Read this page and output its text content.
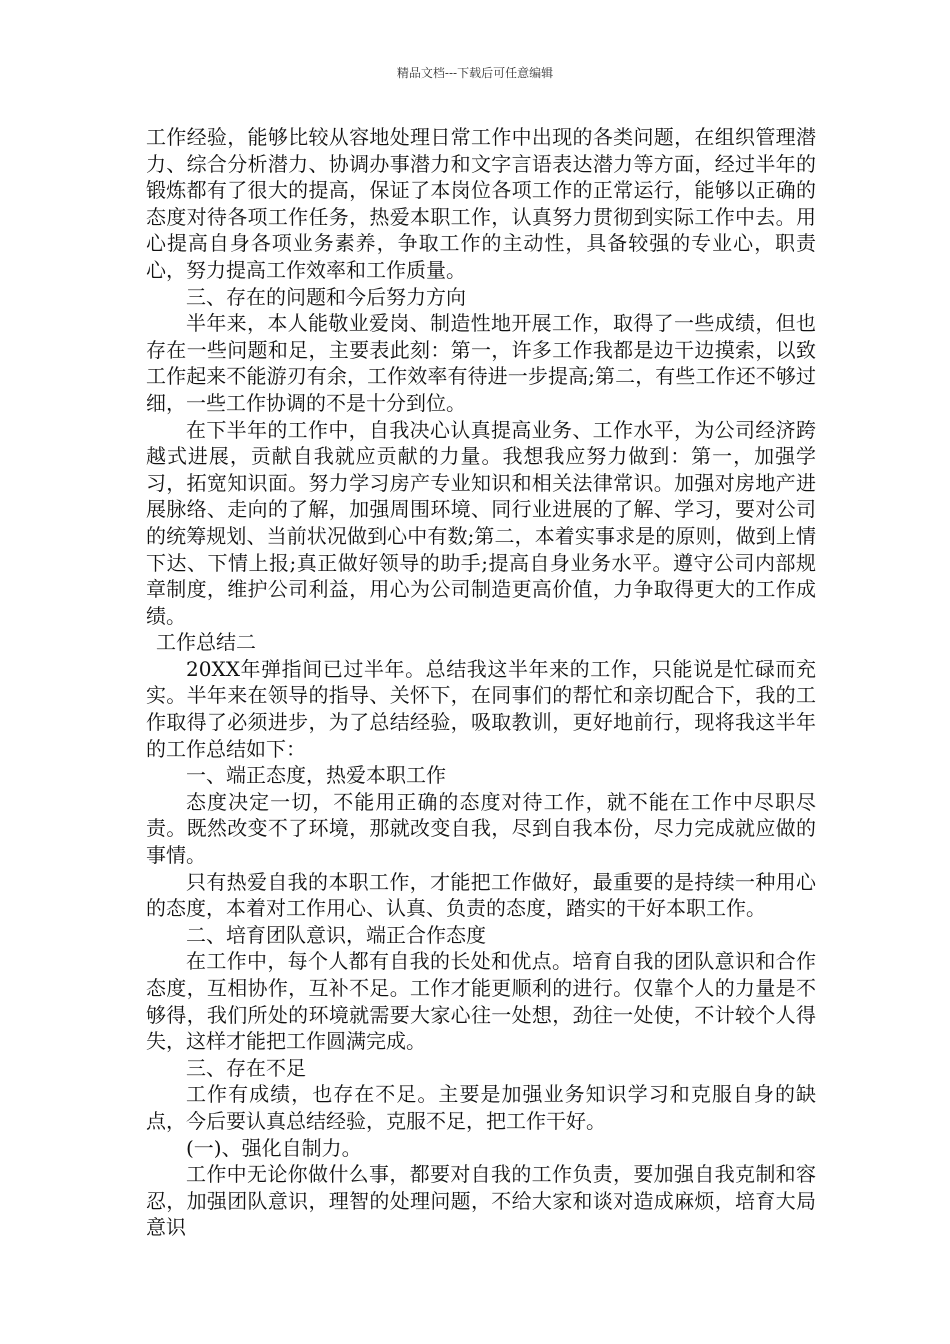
精品文档---下载后可任意编辑

工作经验，能够比较从容地处理日常工作中出现的各类问题，在组织管理潜力、综合分析潜力、协调办事潜力和文字言语表达潜力等方面，经过半年的锻炼都有了很大的提高，保证了本岗位各项工作的正常运行，能够以正确的态度对待各项工作任务，热爱本职工作，认真努力贯彻到实际工作中去。用心提高自身各项业务素养，争取工作的主动性，具备较强的专业心，职责心，努力提高工作效率和工作质量。

三、存在的问题和今后努力方向

半年来，本人能敬业爱岗、制造性地开展工作，取得了一些成绩，但也存在一些问题和足，主要表此刻：第一，许多工作我都是边干边摸索，以致工作起来不能游刃有余，工作效率有待进一步提高;第二，有些工作还不够过细，一些工作协调的不是十分到位。

在下半年的工作中，自我决心认真提高业务、工作水平，为公司经济跨越式进展，贡献自我就应贡献的力量。我想我应努力做到：第一，加强学习，拓宽知识面。努力学习房产专业知识和相关法律常识。加强对房地产进展脉络、走向的了解，加强周围环境、同行业进展的了解、学习，要对公司的统筹规划、当前状况做到心中有数;第二，本着实事求是的原则，做到上情下达、下情上报;真正做好领导的助手;提高自身业务水平。遵守公司内部规章制度，维护公司利益，用心为公司制造更高价值，力争取得更大的工作成绩。

工作总结二

20XX年弹指间已过半年。总结我这半年来的工作，只能说是忙碌而充实。半年来在领导的指导、关怀下，在同事们的帮忙和亲切配合下，我的工作取得了必须进步，为了总结经验，吸取教训，更好地前行，现将我这半年的工作总结如下：

一、端正态度，热爱本职工作

态度决定一切，不能用正确的态度对待工作，就不能在工作中尽职尽责。既然改变不了环境，那就改变自我，尽到自我本份，尽力完成就应做的事情。

只有热爱自我的本职工作，才能把工作做好，最重要的是持续一种用心的态度，本着对工作用心、认真、负责的态度，踏实的干好本职工作。

二、培育团队意识，端正合作态度

在工作中，每个人都有自我的长处和优点。培育自我的团队意识和合作态度，互相协作，互补不足。工作才能更顺利的进行。仅靠个人的力量是不够得，我们所处的环境就需要大家心往一处想，劲往一处使，不计较个人得失，这样才能把工作圆满完成。

三、存在不足

工作有成绩，也存在不足。主要是加强业务知识学习和克服自身的缺点，今后要认真总结经验，克服不足，把工作干好。

(一)、强化自制力。

工作中无论你做什么事，都要对自我的工作负责，要加强自我克制和容忍，加强团队意识，理智的处理问题，不给大家和谈对造成麻烦，培育大局意识
